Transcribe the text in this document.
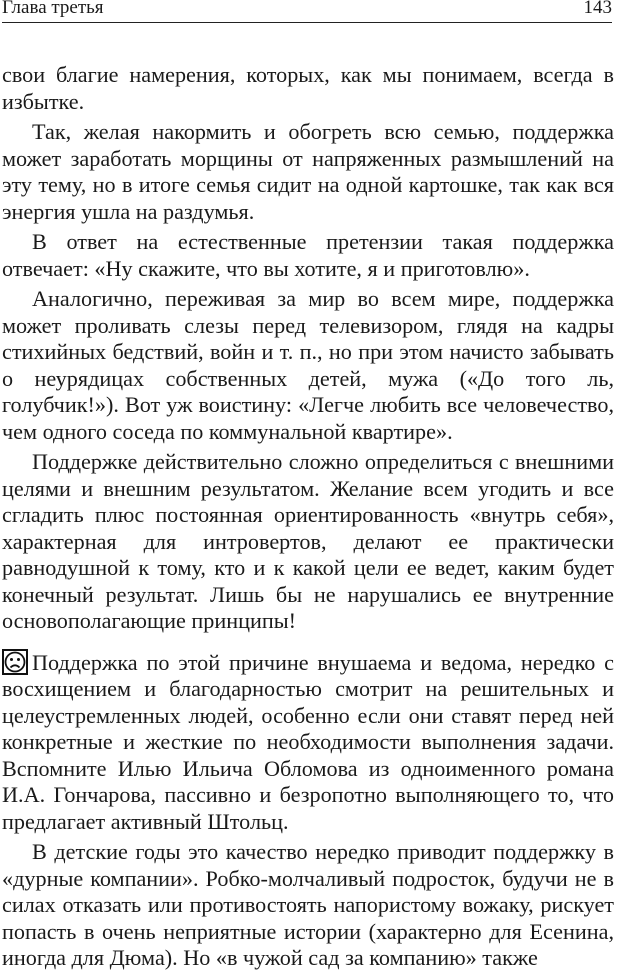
Глава третья	143

свои благие намерения, которых, как мы понимаем, всегда в избытке.

Так, желая накормить и обогреть всю семью, поддержка может заработать морщины от напряженных размышлений на эту тему, но в итоге семья сидит на одной картошке, так как вся энергия ушла на раздумья.

В ответ на естественные претензии такая поддержка отвечает: «Ну скажите, что вы хотите, я и приготовлю».

Аналогично, переживая за мир во всем мире, поддержка может проливать слезы перед телевизором, глядя на кадры стихийных бедствий, войн и т. п., но при этом начисто забывать о неурядицах собственных детей, мужа («До того ль, голубчик!»). Вот уж воистину: «Легче любить все человечество, чем одного соседа по коммунальной квартире».

Поддержке действительно сложно определиться с внешними целями и внешним результатом. Желание всем угодить и все сгладить плюс постоянная ориентированность «внутрь себя», характерная для интровертов, делают ее практически равнодушной к тому, кто и к какой цели ее ведет, каким будет конечный результат. Лишь бы не нарушались ее внутренние основополагающие принципы!

Поддержка по этой причине внушаема и ведома, нередко с восхищением и благодарностью смотрит на решительных и целеустремленных людей, особенно если они ставят перед ней конкретные и жесткие по необходимости выполнения задачи. Вспомните Илью Ильича Обломова из одноименного романа И.А. Гончарова, пассивно и безропотно выполняющего то, что предлагает активный Штольц.

В детские годы это качество нередко приводит поддержку в «дурные компании». Робко-молчаливый подросток, будучи не в силах отказать или противостоять напористому вожаку, рискует попасть в очень неприятные истории (характерно для Есенина, иногда для Дюма). Но «в чужой сад за компанию» также
